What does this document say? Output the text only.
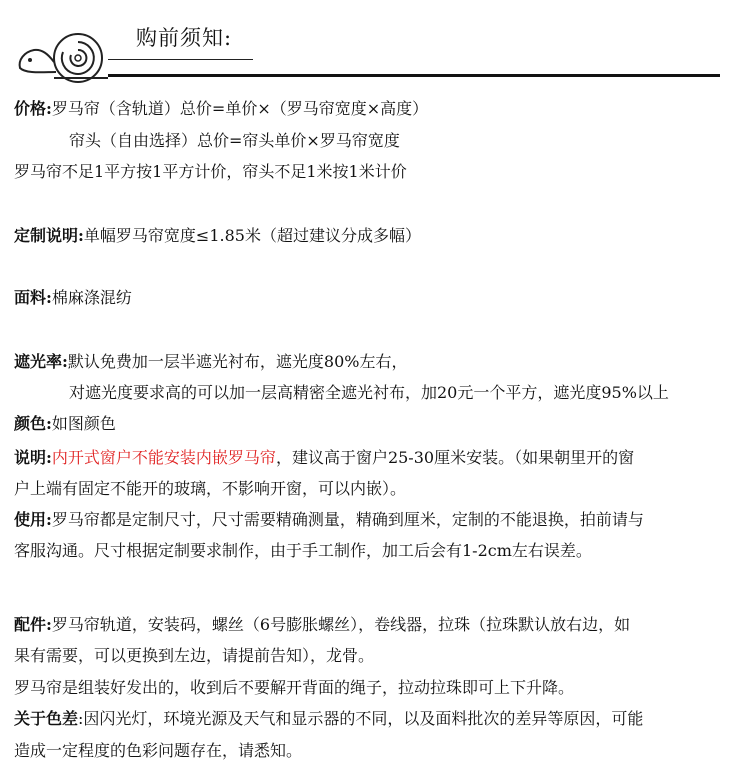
购前须知:
价格:罗马帘（含轨道）总价=单价×（罗马帘宽度×高度）
帘头（自由选择）总价=帘头单价×罗马帘宽度
罗马帘不足1平方按1平方计价，帘头不足1米按1米计价
定制说明:单幅罗马帘宽度≤1.85米（超过建议分成多幅）
面料:棉麻涤混纺
遮光率:默认免费加一层半遮光衬布，遮光度80%左右，
对遮光度要求高的可以加一层高精密全遮光衬布，加20元一个平方，遮光度95%以上
颜色:如图颜色
说明:内开式窗户不能安装内嵌罗马帘，建议高于窗户25-30厘米安装。（如果朝里开的窗
户上端有固定不能开的玻璃，不影响开窗，可以内嵌）。
使用:罗马帘都是定制尺寸，尺寸需要精确测量，精确到厘米，定制的不能退换，拍前请与
客服沟通。尺寸根据定制要求制作，由于手工制作，加工后会有1-2cm左右误差。
配件:罗马帘轨道，安装码，螺丝（6号膨胀螺丝），卷线器，拉珠（拉珠默认放右边，如
果有需要，可以更换到左边，请提前告知），龙骨。
罗马帘是组装好发出的，收到后不要解开背面的绳子，拉动拉珠即可上下升降。
关于色差:因闪光灯，环境光源及天气和显示器的不同，以及面料批次的差异等原因，可能
造成一定程度的色彩问题存在，请悉知。
